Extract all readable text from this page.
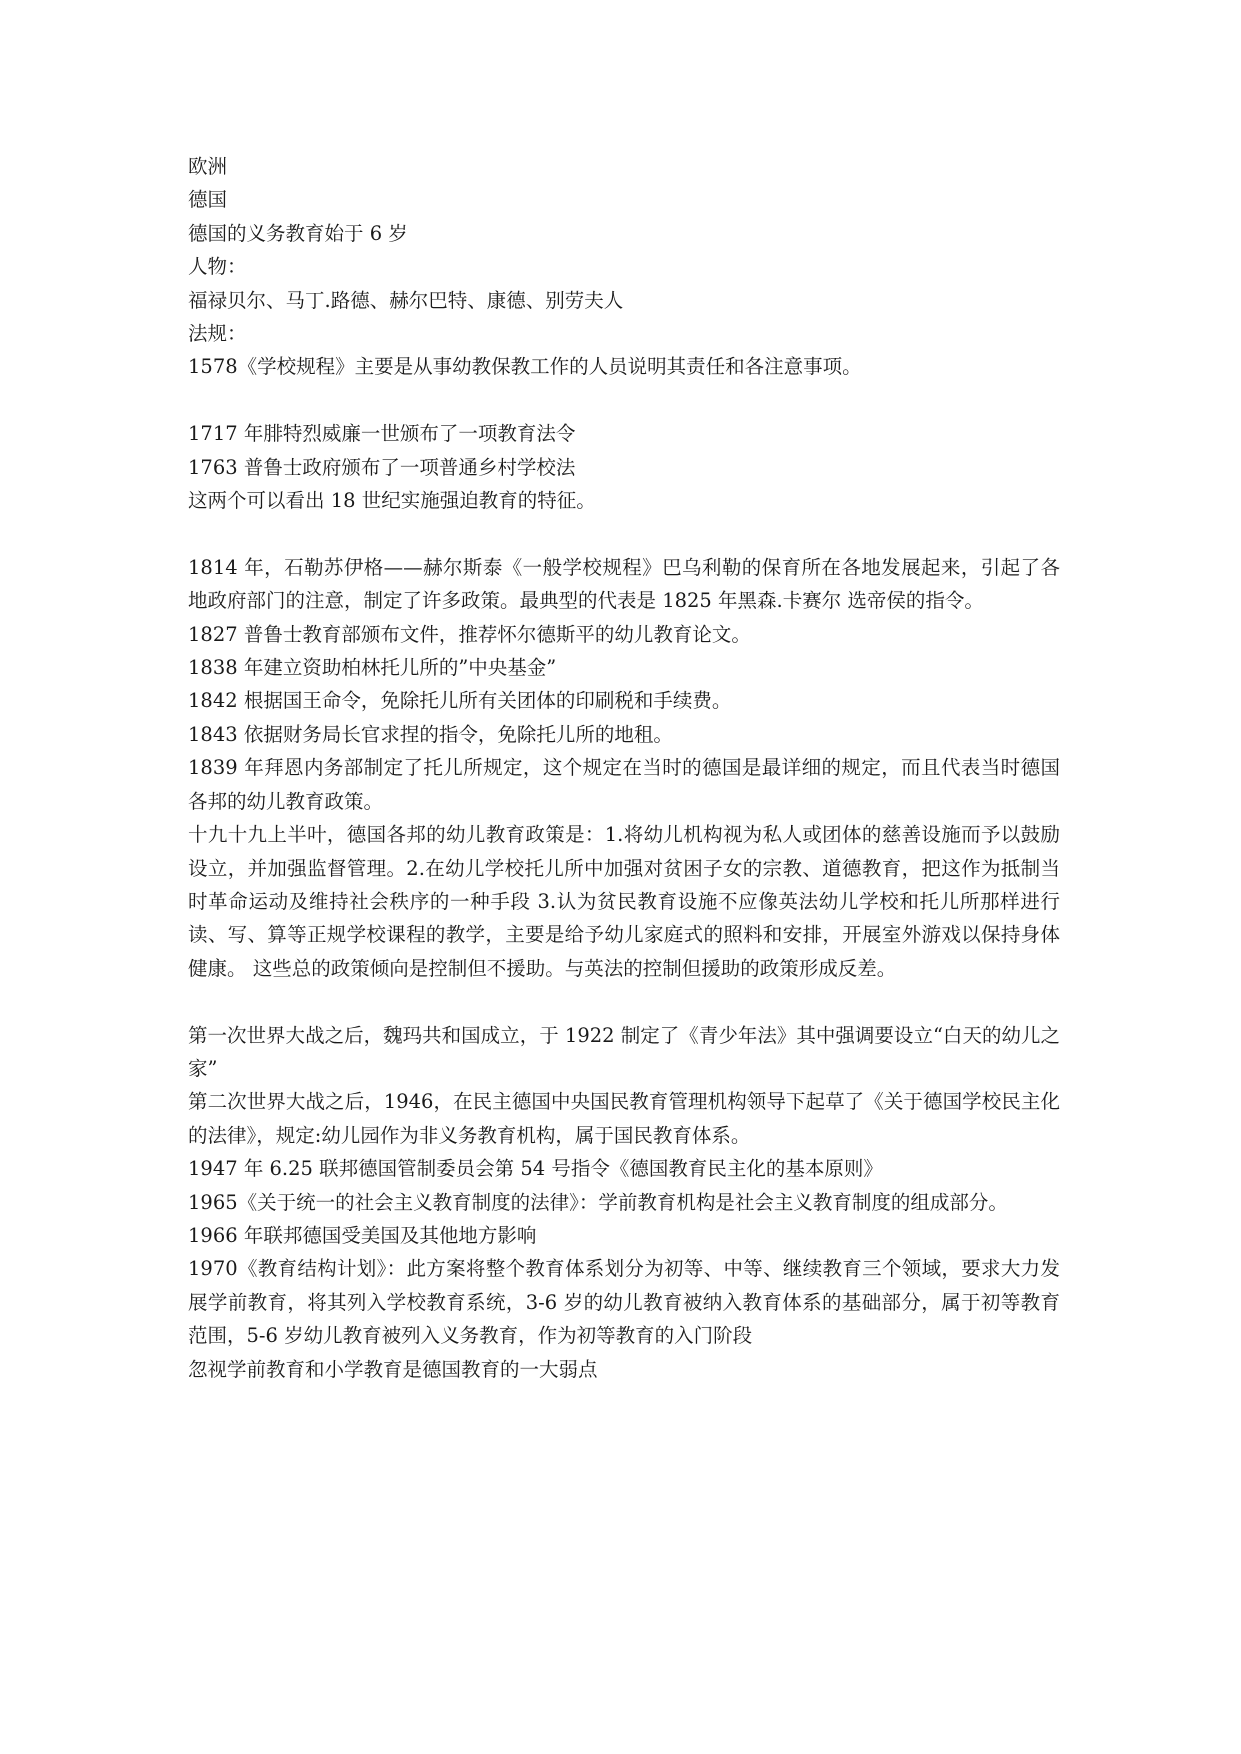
欧洲

德国

德国的义务教育始于 6 岁

人物：

福禄贝尔、马丁.路德、赫尔巴特、康德、别劳夫人

法规：

1578《学校规程》主要是从事幼教保教工作的人员说明其责任和各注意事项。

1717 年腓特烈威廉一世颁布了一项教育法令

1763 普鲁士政府颁布了一项普通乡村学校法

这两个可以看出 18 世纪实施强迫教育的特征。

1814 年，石勒苏伊格——赫尔斯泰《一般学校规程》巴乌利勒的保育所在各地发展起来，引起了各地政府部门的注意，制定了许多政策。最典型的代表是 1825 年黑森.卡赛尔 选帝侯的指令。

1827 普鲁士教育部颁布文件，推荐怀尔德斯平的幼儿教育论文。

1838 年建立资助柏林托儿所的”中央基金”

1842 根据国王命令，免除托儿所有关团体的印刷税和手续费。

1843 依据财务局长官求捏的指令，免除托儿所的地租。

1839 年拜恩内务部制定了托儿所规定，这个规定在当时的德国是最详细的规定，而且代表当时德国各邦的幼儿教育政策。

十九十九上半叶，德国各邦的幼儿教育政策是：1.将幼儿机构视为私人或团体的慈善设施而予以鼓励设立，并加强监督管理。2.在幼儿学校托儿所中加强对贫困子女的宗教、道德教育，把这作为抵制当时革命运动及维持社会秩序的一种手段 3.认为贫民教育设施不应像英法幼儿学校和托儿所那样进行读、写、算等正规学校课程的教学，主要是给予幼儿家庭式的照料和安排，开展室外游戏以保持身体健康。 这些总的政策倾向是控制但不援助。与英法的控制但援助的政策形成反差。

第一次世界大战之后，魏玛共和国成立，于 1922 制定了《青少年法》其中强调要设立“白天的幼儿之家”

第二次世界大战之后，1946，在民主德国中央国民教育管理机构领导下起草了《关于德国学校民主化的法律》，规定:幼儿园作为非义务教育机构，属于国民教育体系。

1947 年 6.25 联邦德国管制委员会第 54 号指令《德国教育民主化的基本原则》

1965《关于统一的社会主义教育制度的法律》：学前教育机构是社会主义教育制度的组成部分。

1966 年联邦德国受美国及其他地方影响

1970《教育结构计划》：此方案将整个教育体系划分为初等、中等、继续教育三个领域，要求大力发展学前教育，将其列入学校教育系统，3-6 岁的幼儿教育被纳入教育体系的基础部分，属于初等教育范围，5-6 岁幼儿教育被列入义务教育，作为初等教育的入门阶段

忽视学前教育和小学教育是德国教育的一大弱点
